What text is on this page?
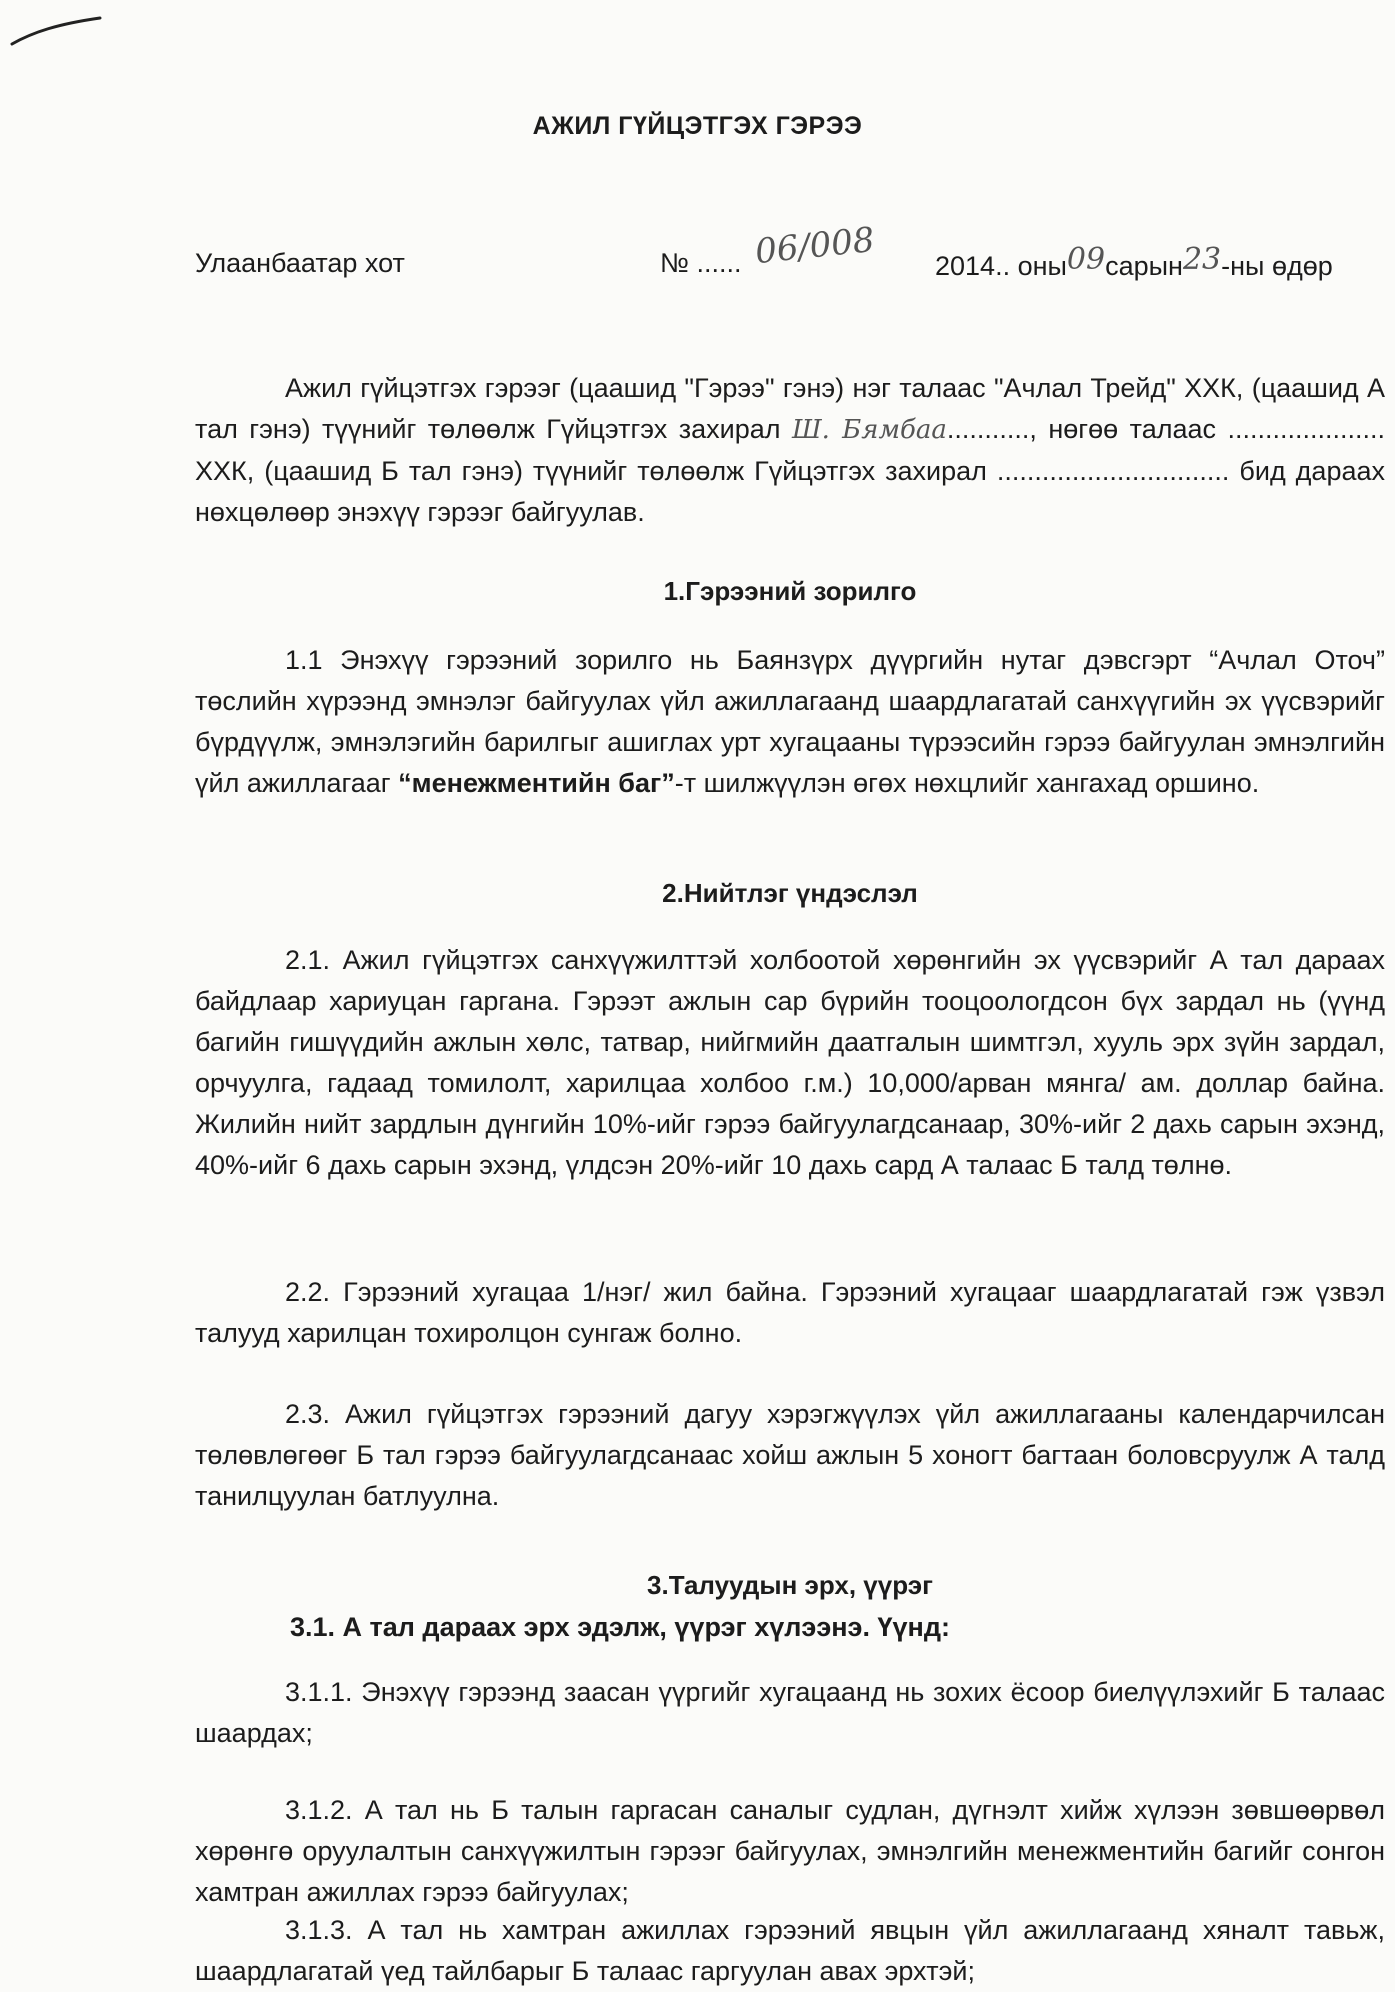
АЖИЛ ГҮЙЦЭТГЭХ ГЭРЭЭ
Улаанбаатар хот	№ ...... 06/008 2014.. оны09сарын23-ны өдөр

Ажил гүйцэтгэх гэрээг (цаашид "Гэрээ" гэнэ) нэг талаас "Ачлал Трейд" ХХК, (цаашид А тал гэнэ) түүнийг төлөөлж Гүйцэтгэх захирал Ш. Бямбаа..........., нөгөө талаас ..................... ХХК, (цаашид Б тал гэнэ) түүнийг төлөөлж Гүйцэтгэх захирал ............................... бид дараах нөхцөлөөр энэхүү гэрээг байгуулав.

1.Гэрээний зорилго

1.1 Энэхүү гэрээний зорилго нь Баянзүрх дүүргийн нутаг дэвсгэрт “Ачлал Оточ” төслийн хүрээнд эмнэлэг байгуулах үйл ажиллагаанд шаардлагатай санхүүгийн эх үүсвэрийг бүрдүүлж, эмнэлэгийн барилгыг ашиглах урт хугацааны түрээсийн гэрээ байгуулан эмнэлгийн үйл ажиллагааг “менежментийн баг”-т шилжүүлэн өгөх нөхцлийг хангахад оршино.

2.Нийтлэг үндэслэл

2.1. Ажил гүйцэтгэх санхүүжилттэй холбоотой хөрөнгийн эх үүсвэрийг А тал дараах байдлаар хариуцан гаргана. Гэрээт ажлын сар бүрийн тооцоологдсон бүх зардал нь (үүнд багийн гишүүдийн ажлын хөлс, татвар, нийгмийн даатгалын шимтгэл, хууль эрх зүйн зардал, орчуулга, гадаад томилолт, харилцаа холбоо г.м.) 10,000/арван мянга/ ам. доллар байна. Жилийн нийт зардлын дүнгийн 10%-ийг гэрээ байгуулагдсанаар, 30%-ийг 2 дахь сарын эхэнд, 40%-ийг 6 дахь сарын эхэнд, үлдсэн 20%-ийг 10 дахь сард А талаас Б талд төлнө.

2.2. Гэрээний хугацаа 1/нэг/ жил байна. Гэрээний хугацааг шаардлагатай гэж үзвэл талууд харилцан тохиролцон сунгаж болно.

2.3. Ажил гүйцэтгэх гэрээний дагуу хэрэгжүүлэх үйл ажиллагааны календарчилсан төлөвлөгөөг Б тал гэрээ байгуулагдсанаас хойш ажлын 5 хоногт багтаан боловсруулж А талд танилцуулан батлуулна.

3.Талуудын эрх, үүрэг
3.1. А тал дараах эрх эдэлж, үүрэг хүлээнэ. Үүнд:

3.1.1. Энэхүү гэрээнд заасан үүргийг хугацаанд нь зохих ёсоор биелүүлэхийг Б талаас шаардах;

3.1.2. А тал нь Б талын гаргасан саналыг судлан, дүгнэлт хийж хүлээн зөвшөөрвөл хөрөнгө оруулалтын санхүүжилтын гэрээг байгуулах, эмнэлгийн менежментийн багийг сонгон хамтран ажиллах гэрээ байгуулах;

3.1.3. А тал нь хамтран ажиллах гэрээний явцын үйл ажиллагаанд хяналт тавьж, шаардлагатай үед тайлбарыг Б талаас гаргуулан авах эрхтэй;
